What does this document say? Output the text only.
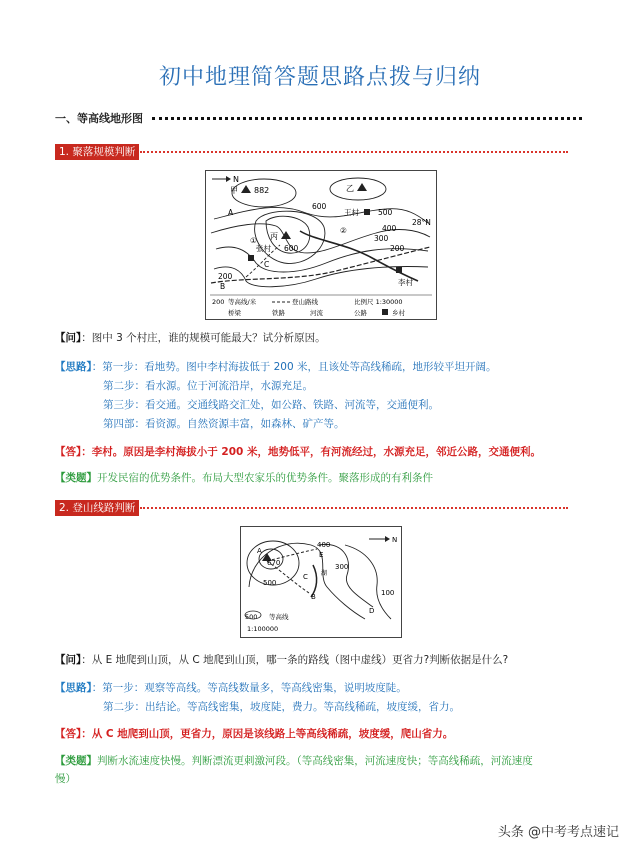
初中地理简答题思路点拨与归纳
一、等高线地形图
1. 聚落规模判断
N
甲 882	乙
丙
600
600
500
400
300
200
200
28°N
王村
李村
张村
A
B
C
①
②
200 等高线/米	登山路线	比例尺 1:30000
桥梁	铁路	河流	公路	乡村
【问】：图中 3 个村庄，谁的规模可能最大？试分析原因。
【思路】：第一步：看地势。图中李村海拔低于 200 米，且该处等高线稀疏，地形较平坦开阔。
第二步：看水源。位于河流沿岸，水源充足。
第三步：看交通。交通线路交汇处，如公路、铁路、河流等，交通便利。
第四部：看资源。自然资源丰富，如森林、矿产等。
【答】：李村。原因是李村海拔小于 200 米，地势低平，有河流经过，水源充足，邻近公路，交通便利。
【类题】开发民宿的优势条件。布局大型农家乐的优势条件。聚落形成的有利条件
2. 登山线路判断
N
A
670
500
400
300
100
E
C
B
D
湖
500 等高线
1:100000
【问】：从 E 地爬到山顶，从 C 地爬到山顶，哪一条的路线（图中虚线）更省力?判断依据是什么?
【思路】：第一步：观察等高线。等高线数量多，等高线密集，说明坡度陡。
第二步：出结论。等高线密集，坡度陡，费力。等高线稀疏，坡度缓，省力。
【答】：从 C 地爬到山顶，更省力，原因是该线路上等高线稀疏，坡度缓，爬山省力。
【类题】判断水流速度快慢。判断漂流更刺激河段。（等高线密集，河流速度快；等高线稀疏，河流速度
慢）
头条 @中考考点速记
